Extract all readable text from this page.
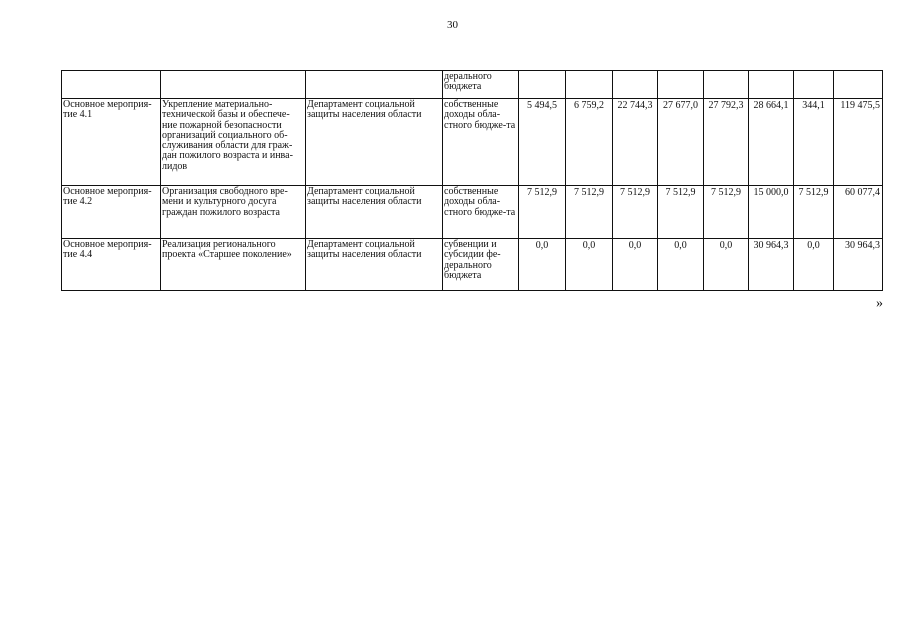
30
			дерального бюджета								
Основное мероприя-тие 4.1	Укрепление материально-технической базы и обеспече-ние пожарной безопасности организаций социального об-служивания области для граж-дан пожилого возраста и инва-лидов	Департамент социальной защиты населения области	собственные доходы обла-стного бюдже-та	5 494,5	6 759,2	22 744,3	27 677,0	27 792,3	28 664,1	344,1	119 475,5
Основное мероприя-тие 4.2	Организация свободного вре-мени и культурного досуга граждан пожилого возраста	Департамент социальной защиты населения области	собственные доходы обла-стного бюдже-та	7 512,9	7 512,9	7 512,9	7 512,9	7 512,9	15 000,0	7 512,9	60 077,4
Основное мероприя-тие 4.4	Реализация регионального проекта «Старшее поколение»	Департамент социальной защиты населения области	субвенции и субсидии фе-дерального бюджета	0,0	0,0	0,0	0,0	0,0	30 964,3	0,0	30 964,3
»
